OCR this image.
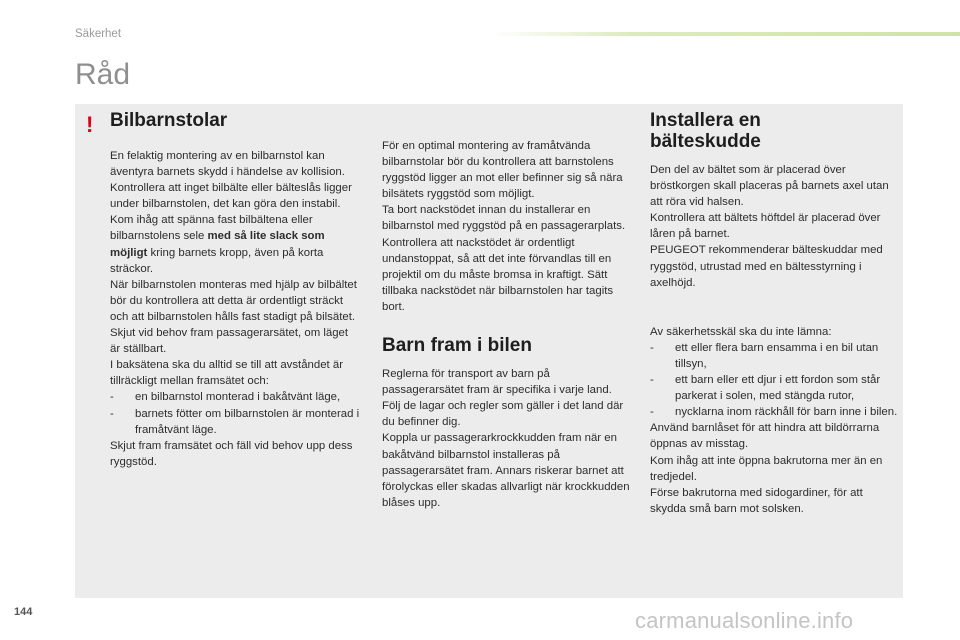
Säkerhet
Råd
! Bilbarnstolar

En felaktig montering av en bilbarnstol kan äventyra barnets skydd i händelse av kollision.

Kontrollera att inget bilbälte eller bälteslås ligger under bilbarnstolen, det kan göra den instabil.

Kom ihåg att spänna fast bilbältena eller bilbarnstolens sele med så lite slack som möjligt kring barnets kropp, även på korta sträckor.

När bilbarnstolen monteras med hjälp av bilbältet bör du kontrollera att detta är ordentligt sträckt och att bilbarnstolen hålls fast stadigt på bilsätet. Skjut vid behov fram passagerarsätet, om läget är ställbart.

I baksätena ska du alltid se till att avståndet är tillräckligt mellan framsätet och:

-	en bilbarnstol monterad i bakåtvänt läge,
-	barnets fötter om bilbarnstolen är monterad i framåtvänt läge.

Skjut fram framsätet och fäll vid behov upp dess ryggstöd.

För en optimal montering av framåtvända bilbarnstolar bör du kontrollera att barnstolens ryggstöd ligger an mot eller befinner sig så nära bilsätets ryggstöd som möjligt.

Ta bort nackstödet innan du installerar en bilbarnstol med ryggstöd på en passagerarplats.

Kontrollera att nackstödet är ordentligt undanstoppat, så att det inte förvandlas till en projektil om du måste bromsa in kraftigt. Sätt tillbaka nackstödet när bilbarnstolen har tagits bort.

Barn fram i bilen

Reglerna för transport av barn på passagerarsätet fram är specifika i varje land. Följ de lagar och regler som gäller i det land där du befinner dig.

Koppla ur passagerarkrockkudden fram när en bakåtvänd bilbarnstol installeras på passagerarsätet fram. Annars riskerar barnet att förolyckas eller skadas allvarligt när krockkudden blåses upp.

Installera en
bälteskudde

Den del av bältet som är placerad över bröstkorgen skall placeras på barnets axel utan att röra vid halsen.

Kontrollera att bältets höftdel är placerad över låren på barnet.

PEUGEOT rekommenderar bälteskuddar med ryggstöd, utrustad med en bältesstyrning i axelhöjd.

Av säkerhetsskäl ska du inte lämna:

-	ett eller flera barn ensamma i en bil utan tillsyn,
-	ett barn eller ett djur i ett fordon som står parkerat i solen, med stängda rutor,
-	nycklarna inom räckhåll för barn inne i bilen.

Använd barnlåset för att hindra att bildörrarna öppnas av misstag.

Kom ihåg att inte öppna bakrutorna mer än en tredjedel.

Förse bakrutorna med sidogardiner, för att skydda små barn mot solsken.

144	carmanualsonline.info
